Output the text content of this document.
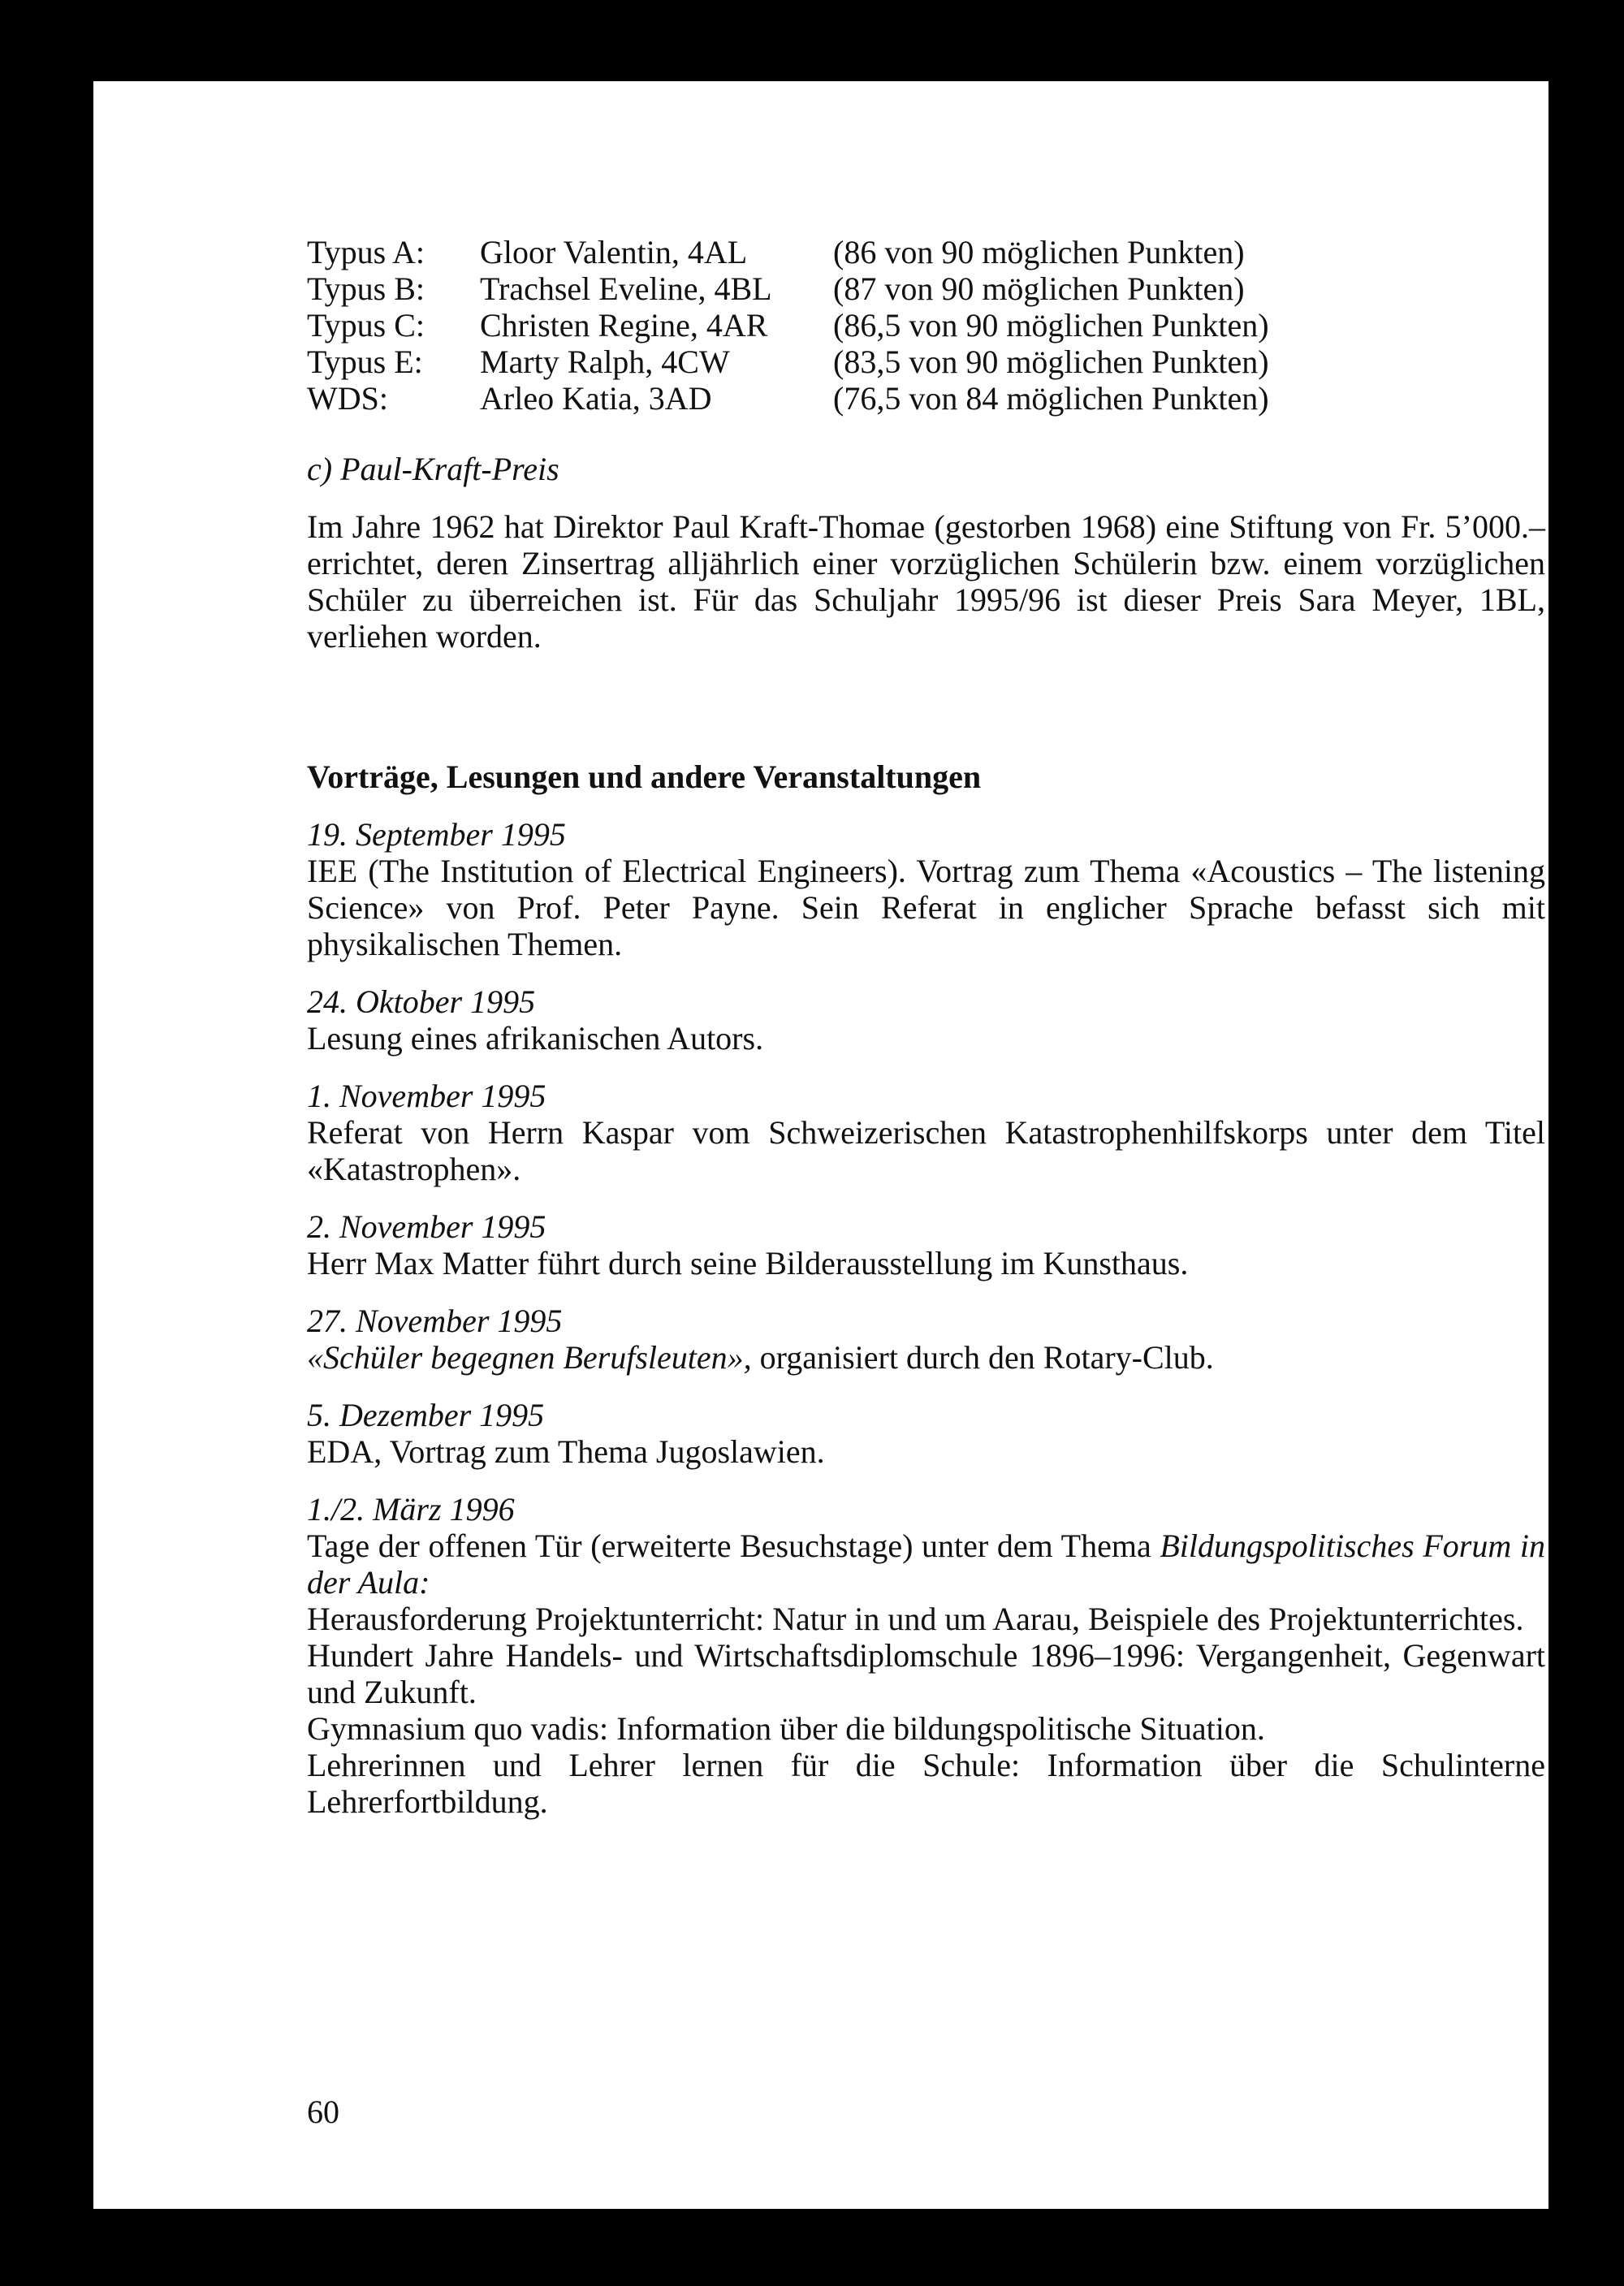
Typus A:	Gloor Valentin, 4AL	(86 von 90 möglichen Punkten)
Typus B:	Trachsel Eveline, 4BL	(87 von 90 möglichen Punkten)
Typus C:	Christen Regine, 4AR	(86,5 von 90 möglichen Punkten)
Typus E:	Marty Ralph, 4CW	(83,5 von 90 möglichen Punkten)
WDS:	Arleo Katia, 3AD	(76,5 von 84 möglichen Punkten)
c) Paul-Kraft-Preis
Im Jahre 1962 hat Direktor Paul Kraft-Thomae (gestorben 1968) eine Stiftung von Fr. 5’000.– errichtet, deren Zinsertrag alljährlich einer vorzüglichen Schülerin bzw. einem vorzüglichen Schüler zu überreichen ist. Für das Schuljahr 1995/96 ist dieser Preis Sara Meyer, 1BL, verliehen worden.
Vorträge, Lesungen und andere Veranstaltungen
19. September 1995
IEE (The Institution of Electrical Engineers). Vortrag zum Thema «Acoustics – The listening Science» von Prof. Peter Payne. Sein Referat in englicher Sprache befasst sich mit physikalischen Themen.
24. Oktober 1995
Lesung eines afrikanischen Autors.
1. November 1995
Referat von Herrn Kaspar vom Schweizerischen Katastrophenhilfskorps unter dem Titel «Katastrophen».
2. November 1995
Herr Max Matter führt durch seine Bilderausstellung im Kunsthaus.
27. November 1995
«Schüler begegnen Berufsleuten», organisiert durch den Rotary-Club.
5. Dezember 1995
EDA, Vortrag zum Thema Jugoslawien.
1./2. März 1996
Tage der offenen Tür (erweiterte Besuchstage) unter dem Thema Bildungspolitisches Forum in der Aula:
Herausforderung Projektunterricht: Natur in und um Aarau, Beispiele des Projektunterrichtes.
Hundert Jahre Handels- und Wirtschaftsdiplomschule 1896–1996: Vergangenheit, Gegenwart und Zukunft.
Gymnasium quo vadis: Information über die bildungspolitische Situation.
Lehrerinnen und Lehrer lernen für die Schule: Information über die Schulinterne Lehrerfortbildung.
60
